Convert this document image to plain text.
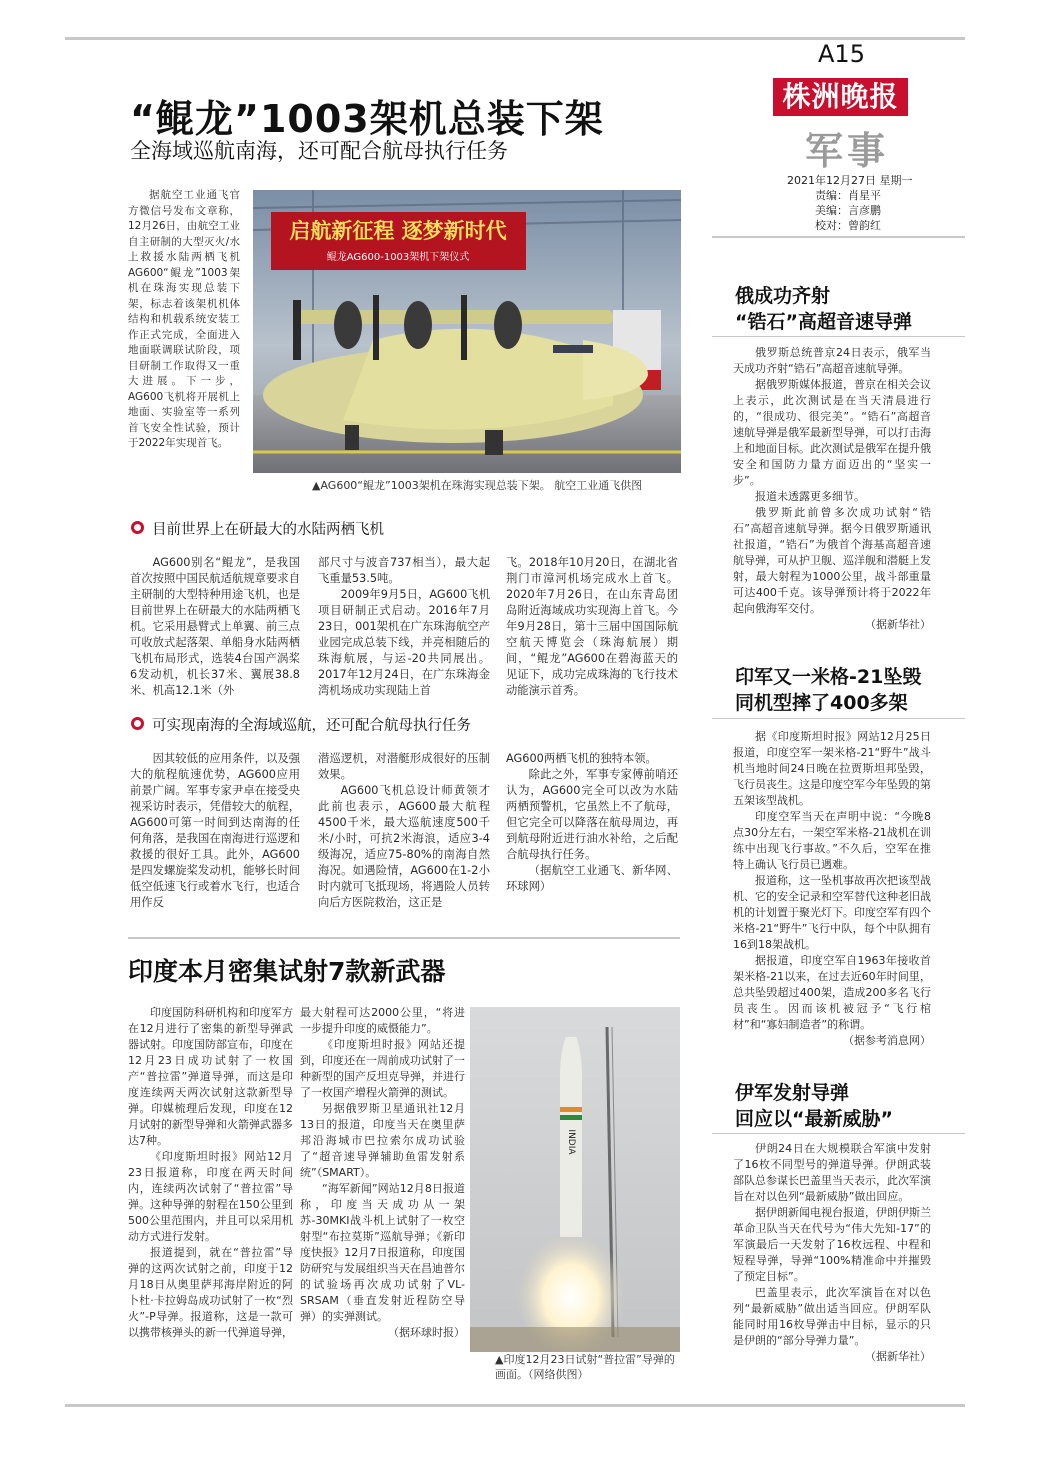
A15
株洲晚报
军事
2021年12月27日 星期一
责编：肖星平
美编：言彦鹏
校对：曾韵红
“鲲龙”1003架机总装下架
全海域巡航南海，还可配合航母执行任务

据航空工业通飞官方微信号发布文章称，12月26日，由航空工业自主研制的大型灭火/水上救援水陆两栖飞机AG600“鲲龙”1003架机在珠海实现总装下架，标志着该架机机体结构和机载系统安装工作正式完成，全面进入地面联调联试阶段，项目研制工作取得又一重大进展。下一步，AG600飞机将开展机上地面、实验室等一系列首飞安全性试验，预计于2022年实现首飞。

启航新征程 逐梦新时代
鲲龙AG600-1003架机下架仪式
▲AG600“鲲龙”1003架机在珠海实现总装下架。 航空工业通飞供图
目前世界上在研最大的水陆两栖飞机

AG600别名“鲲龙”，是我国首次按照中国民航适航规章要求自主研制的大型特种用途飞机，也是目前世界上在研最大的水陆两栖飞机。它采用悬臂式上单翼、前三点可收放式起落架、单船身水陆两栖飞机布局形式，选装4台国产涡桨6发动机，机长37米、翼展38.8米、机高12.1米（外

部尺寸与波音737相当），最大起飞重量53.5吨。

2009年9月5日，AG600飞机项目研制正式启动。2016年7月23日，001架机在广东珠海航空产业园完成总装下线，并亮相随后的珠海航展，与运-20共同展出。2017年12月24日，在广东珠海金湾机场成功实现陆上首

飞。2018年10月20日，在湖北省荆门市漳河机场完成水上首飞。2020年7月26日，在山东青岛团岛附近海域成功实现海上首飞。今年9月28日，第十三届中国国际航空航天博览会（珠海航展）期间，“鲲龙”AG600在碧海蓝天的见证下，成功完成珠海的飞行技术动能演示首秀。

可实现南海的全海域巡航，还可配合航母执行任务

因其较低的应用条件，以及强大的航程航速优势，AG600应用前景广阔。军事专家尹卓在接受央视采访时表示，凭借较大的航程，AG600可第一时间到达南海的任何角落，是我国在南海进行巡逻和救援的很好工具。此外，AG600是四发螺旋桨发动机，能够长时间低空低速飞行或着水飞行，也适合用作反

潜巡逻机，对潜艇形成很好的压制效果。

AG600飞机总设计师黄领才此前也表示，AG600最大航程4500千米，最大巡航速度500千米/小时，可抗2米海浪，适应3-4级海况，适应75-80%的南海自然海况。如遇险情，AG600在1-2小时内就可飞抵现场，将遇险人员转向后方医院救治，这正是

AG600两栖飞机的独特本领。

除此之外，军事专家傅前哨还认为，AG600完全可以改为水陆两栖预警机，它虽然上不了航母，但它完全可以降落在航母周边，再到航母附近进行油水补给，之后配合航母执行任务。

（据航空工业通飞、新华网、环球网）

印度本月密集试射7款新武器

印度国防科研机构和印度军方在12月进行了密集的新型导弹武器试射。印度国防部宣布，印度在12月23日成功试射了一枚国产“普拉雷”弹道导弹，而这是印度连续两天两次试射这款新型导弹。印媒梳理后发现，印度在12月试射的新型导弹和火箭弹武器多达7种。

《印度斯坦时报》网站12月23日报道称，印度在两天时间内，连续两次试射了“普拉雷”导弹。这种导弹的射程在150公里到500公里范围内，并且可以采用机动方式进行发射。

报道提到，就在“普拉雷”导弹的这两次试射之前，印度于12月18日从奥里萨邦海岸附近的阿卜杜·卡拉姆岛成功试射了一枚“烈火”-P导弹。报道称，这是一款可以携带核弹头的新一代弹道导弹，

最大射程可达2000公里，“将进一步提升印度的威慑能力”。

《印度斯坦时报》网站还提到，印度还在一周前成功试射了一种新型的国产反坦克导弹，并进行了一枚国产增程火箭弹的测试。

另据俄罗斯卫星通讯社12月13日的报道，印度当天在奥里萨邦沿海城市巴拉索尔成功试验了“超音速导弹辅助鱼雷发射系统”（SMART）。

“海军新闻”网站12月8日报道称，印度当天成功从一架苏-30MKI战斗机上试射了一枚空射型“布拉莫斯”巡航导弹；《新印度快报》12月7日报道称，印度国防研究与发展组织当天在昌迪普尔的试验场再次成功试射了VL-SRSAM（垂直发射近程防空导弹）的实弹测试。

（据环球时报）

INDIA
▲印度12月23日试射“普拉雷”导弹的画面。（网络供图）
俄成功齐射
“锆石”高超音速导弹

俄罗斯总统普京24日表示，俄军当天成功齐射“锆石”高超音速航导弹。

据俄罗斯媒体报道，普京在相关会议上表示，此次测试是在当天清晨进行的，“很成功、很完美”。“锆石”高超音速航导弹是俄军最新型导弹，可以打击海上和地面目标。此次测试是俄军在提升俄安全和国防力量方面迈出的“坚实一步”。

报道未透露更多细节。

俄罗斯此前曾多次成功试射“锆石”高超音速航导弹。据今日俄罗斯通讯社报道，“锆石”为俄首个海基高超音速航导弹，可从护卫舰、巡洋舰和潜艇上发射，最大射程为1000公里，战斗部重量可达400千克。该导弹预计将于2022年起向俄海军交付。

（据新华社）

印军又一米格-21坠毁
同机型摔了400多架

据《印度斯坦时报》网站12月25日报道，印度空军一架米格-21“野牛”战斗机当地时间24日晚在拉贾斯坦邦坠毁，飞行员丧生。这是印度空军今年坠毁的第五架该型战机。

印度空军当天在声明中说：“今晚8点30分左右，一架空军米格-21战机在训练中出现飞行事故。”不久后，空军在推特上确认飞行员已遇难。

报道称，这一坠机事故再次把该型战机、它的安全记录和空军替代这种老旧战机的计划置于聚光灯下。印度空军有四个米格-21“野牛”飞行中队，每个中队拥有16到18架战机。

据报道，印度空军自1963年接收首架米格-21以来，在过去近60年时间里，总共坠毁超过400架，造成200多名飞行员丧生。因而该机被冠予“飞行棺材”和“寡妇制造者”的称谓。

（据参考消息网）

伊军发射导弹
回应以“最新威胁”

伊朗24日在大规模联合军演中发射了16枚不同型号的弹道导弹。伊朗武装部队总参谋长巴盖里当天表示，此次军演旨在对以色列“最新威胁”做出回应。

据伊朗新闻电视台报道，伊朗伊斯兰革命卫队当天在代号为“伟大先知-17”的军演最后一天发射了16枚远程、中程和短程导弹，导弹“100%精准命中并摧毁了预定目标”。

巴盖里表示，此次军演旨在对以色列“最新威胁”做出适当回应。伊朗军队能同时用16枚导弹击中目标，显示的只是伊朗的“部分导弹力量”。

（据新华社）
